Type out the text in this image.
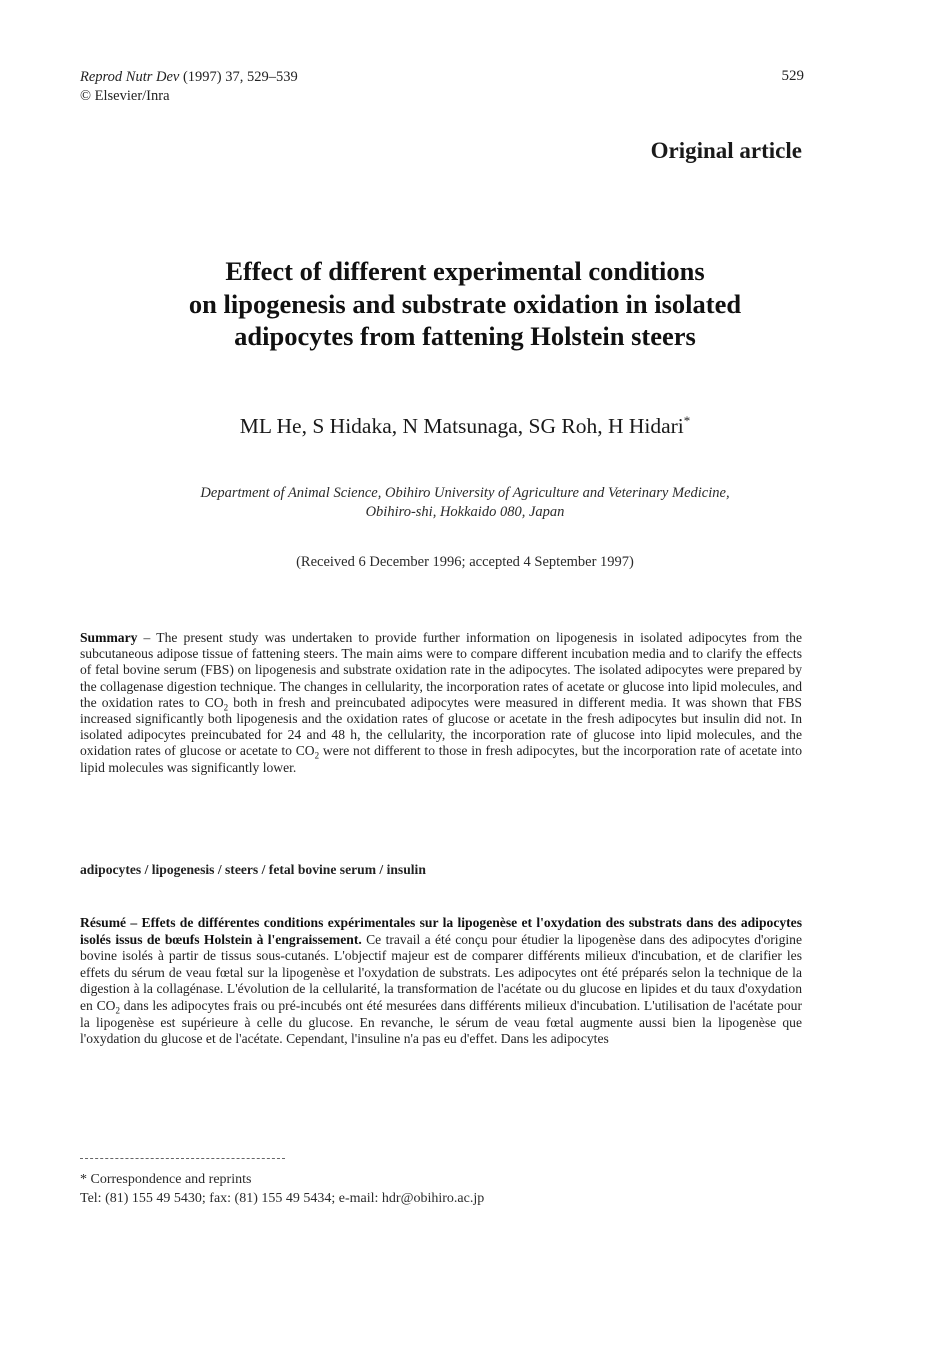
Reprod Nutr Dev (1997) 37, 529–539
© Elsevier/Inra
529
Original article
Effect of different experimental conditions
on lipogenesis and substrate oxidation in isolated
adipocytes from fattening Holstein steers
ML He, S Hidaka, N Matsunaga, SG Roh, H Hidari*
Department of Animal Science, Obihiro University of Agriculture and Veterinary Medicine,
Obihiro-shi, Hokkaido 080, Japan
(Received 6 December 1996; accepted 4 September 1997)
Summary – The present study was undertaken to provide further information on lipogenesis in isolated adipocytes from the subcutaneous adipose tissue of fattening steers. The main aims were to compare different incubation media and to clarify the effects of fetal bovine serum (FBS) on lipogenesis and substrate oxidation rate in the adipocytes. The isolated adipocytes were prepared by the collagenase digestion technique. The changes in cellularity, the incorporation rates of acetate or glucose into lipid molecules, and the oxidation rates to $CO_2$ both in fresh and preincubated adipocytes were measured in different media. It was shown that FBS increased significantly both lipogenesis and the oxidation rates of glucose or acetate in the fresh adipocytes but insulin did not. In isolated adipocytes preincubated for 24 and 48 h, the cellularity, the incorporation rate of glucose into lipid molecules, and the oxidation rates of glucose or acetate to $CO_2$ were not different to those in fresh adipocytes, but the incorporation rate of acetate into lipid molecules was significantly lower.
adipocytes / lipogenesis / steers / fetal bovine serum / insulin
Résumé – Effets de différentes conditions expérimentales sur la lipogenèse et l'oxydation des substrats dans des adipocytes isolés issus de bœufs Holstein à l'engraissement. Ce travail a été conçu pour étudier la lipogenèse dans des adipocytes d'origine bovine isolés à partir de tissus sous-cutanés. L'objectif majeur est de comparer différents milieux d'incubation, et de clarifier les effets du sérum de veau fœtal sur la lipogenèse et l'oxydation de substrats. Les adipocytes ont été préparés selon la technique de la digestion à la collagénase. L'évolution de la cellularité, la transformation de l'acétate ou du glucose en lipides et du taux d'oxydation en $CO_2$ dans les adipocytes frais ou pré-incubés ont été mesurées dans différents milieux d'incubation. L'utilisation de l'acétate pour la lipogenèse est supérieure à celle du glucose. En revanche, le sérum de veau fœtal augmente aussi bien la lipogenèse que l'oxydation du glucose et de l'acétate. Cependant, l'insuline n'a pas eu d'effet. Dans les adipocytes
* Correspondence and reprints
Tel: (81) 155 49 5430; fax: (81) 155 49 5434; e-mail: hdr@obihiro.ac.jp
